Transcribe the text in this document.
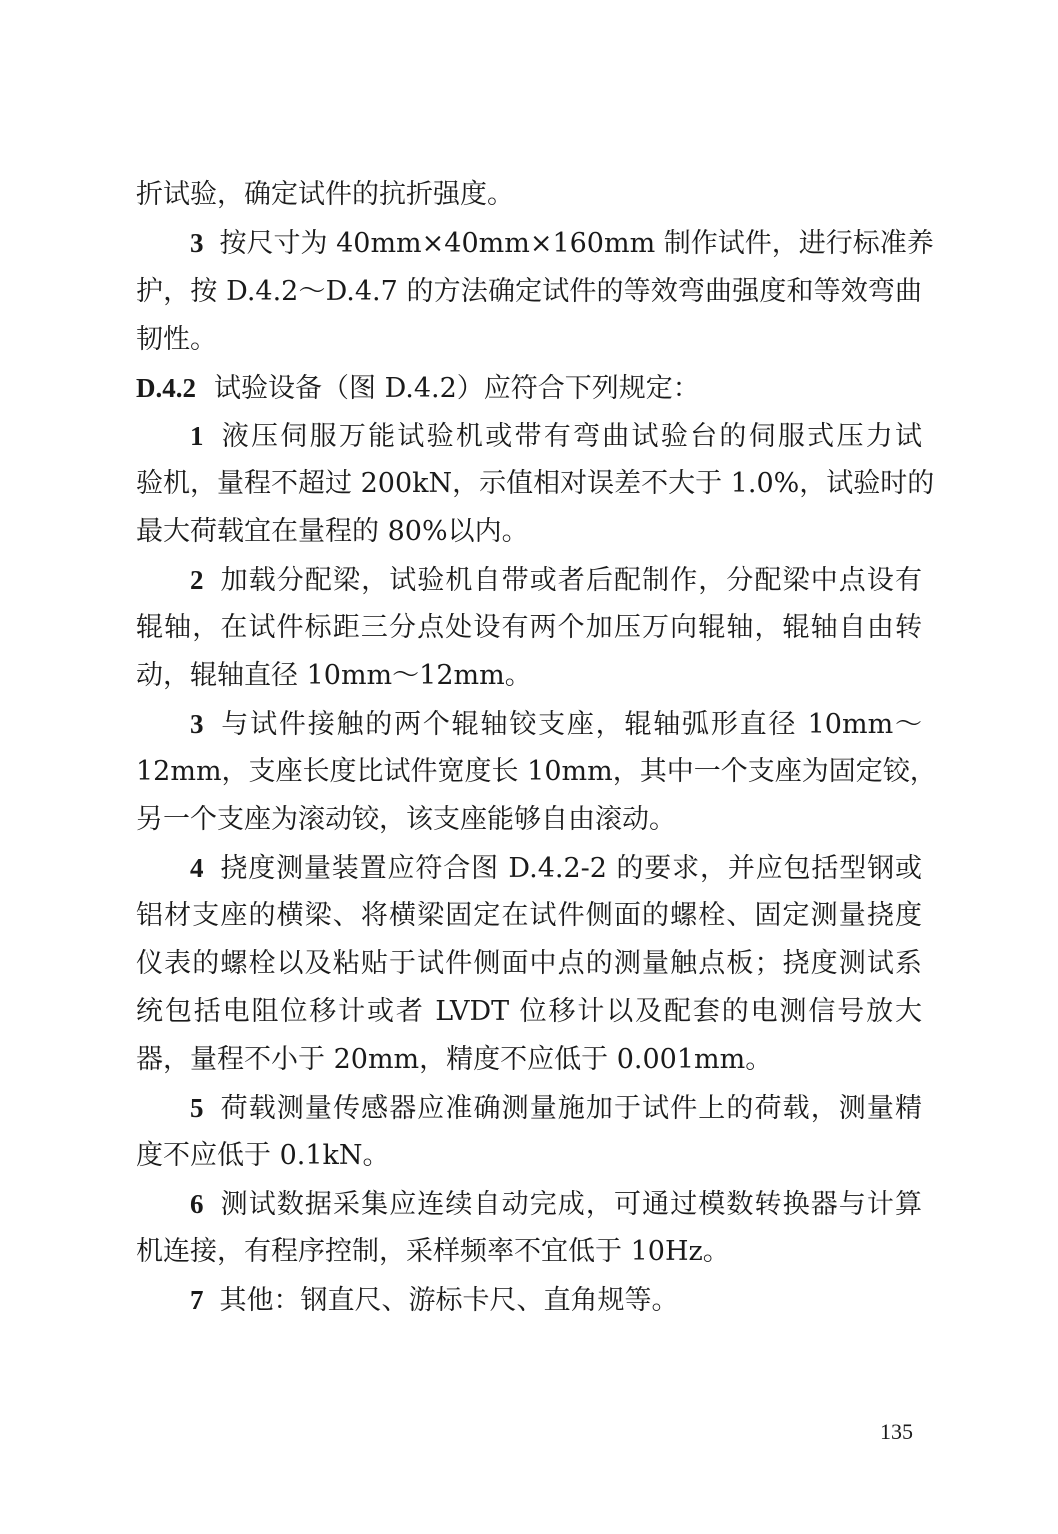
折试验，确定试件的抗折强度。
3 按尺寸为 40mm×40mm×160mm 制作试件，进行标准养
护，按 D.4.2～D.4.7 的方法确定试件的等效弯曲强度和等效弯曲
韧性。
D.4.2 试验设备（图 D.4.2）应符合下列规定：
1 液压伺服万能试验机或带有弯曲试验台的伺服式压力试
验机，量程不超过 200kN，示值相对误差不大于 1.0%，试验时的
最大荷载宜在量程的 80%以内。
2 加载分配梁，试验机自带或者后配制作，分配梁中点设有
辊轴，在试件标距三分点处设有两个加压万向辊轴，辊轴自由转
动，辊轴直径 10mm～12mm。
3 与试件接触的两个辊轴铰支座，辊轴弧形直径 10mm～
12mm，支座长度比试件宽度长 10mm，其中一个支座为固定铰，
另一个支座为滚动铰，该支座能够自由滚动。
4 挠度测量装置应符合图 D.4.2-2 的要求，并应包括型钢或
铝材支座的横梁、将横梁固定在试件侧面的螺栓、固定测量挠度
仪表的螺栓以及粘贴于试件侧面中点的测量触点板；挠度测试系
统包括电阻位移计或者 LVDT 位移计以及配套的电测信号放大
器，量程不小于 20mm，精度不应低于 0.001mm。
5 荷载测量传感器应准确测量施加于试件上的荷载，测量精
度不应低于 0.1kN。
6 测试数据采集应连续自动完成，可通过模数转换器与计算
机连接，有程序控制，采样频率不宜低于 10Hz。
7 其他：钢直尺、游标卡尺、直角规等。
135
